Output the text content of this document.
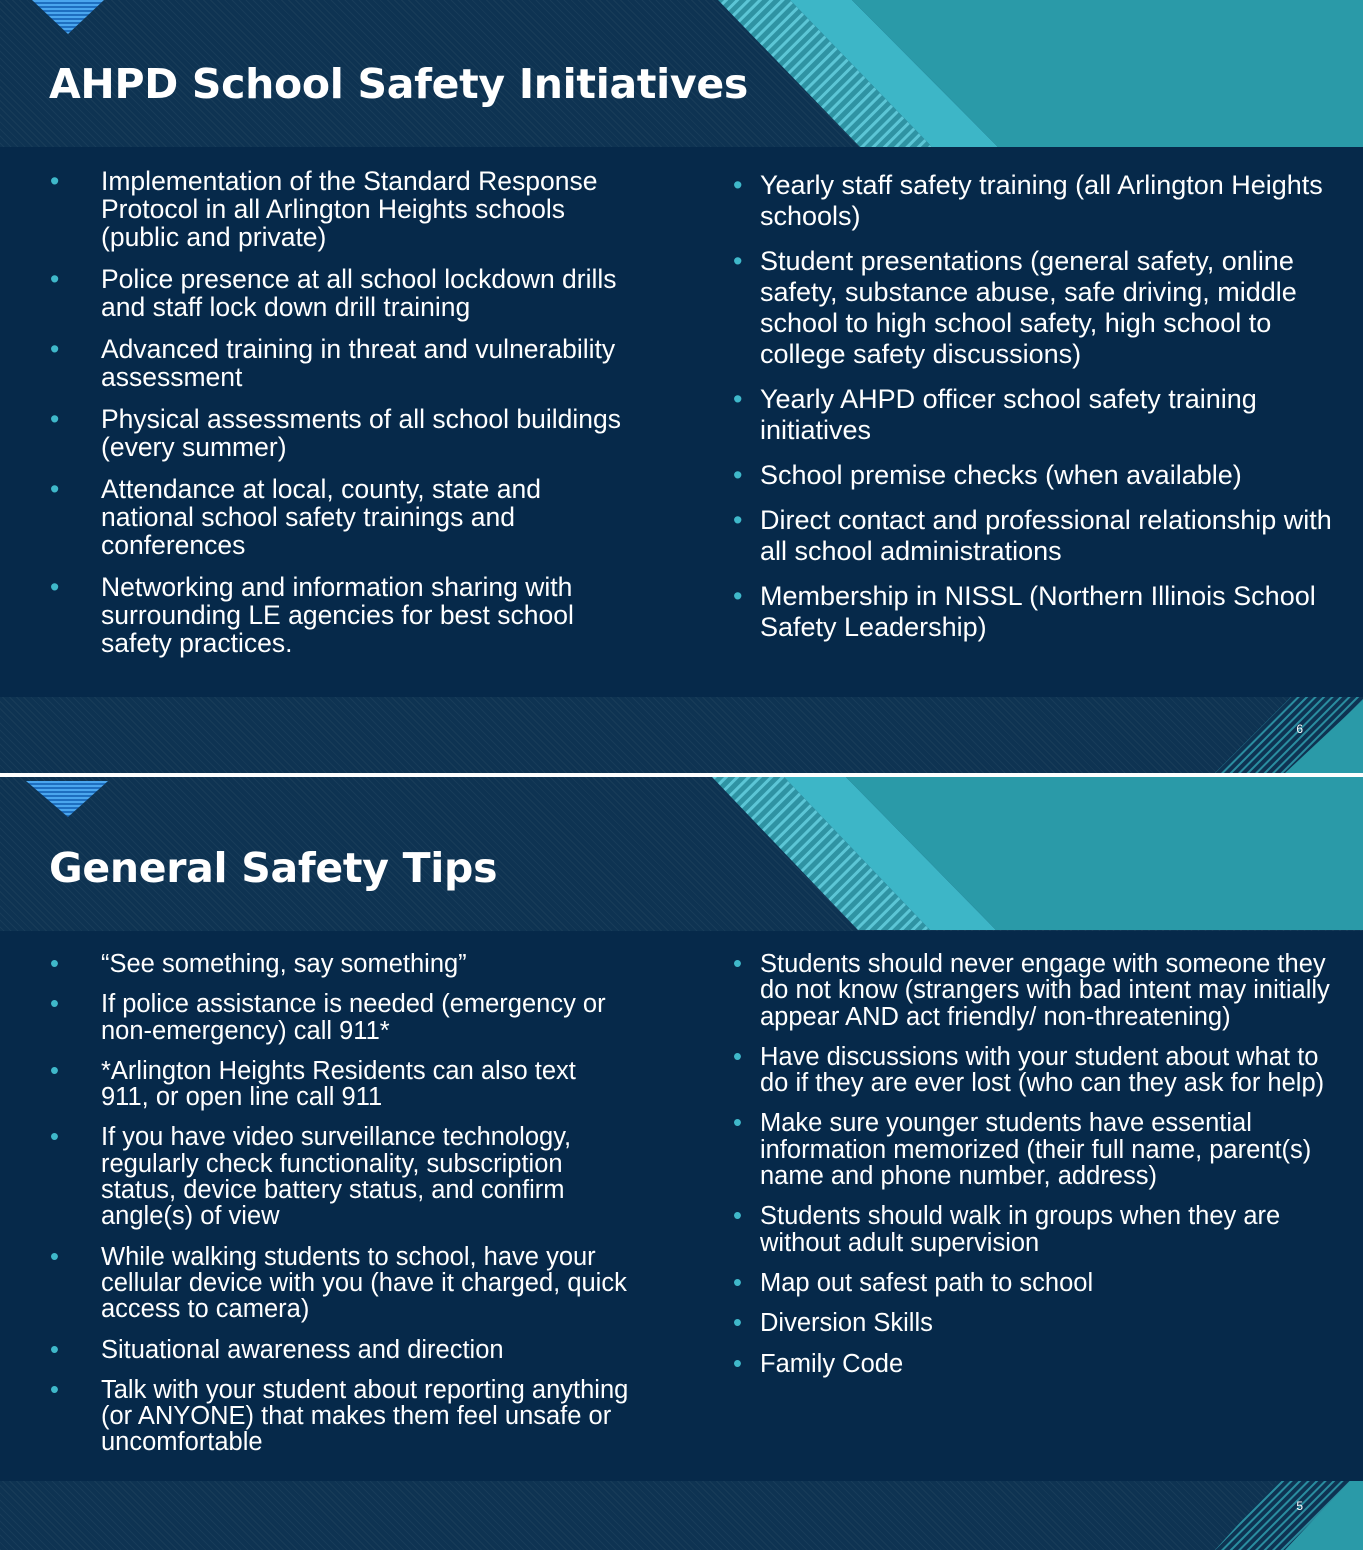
AHPD School Safety Initiatives
• Implementation of the Standard Response Protocol in all Arlington Heights schools (public and private)
• Police presence at all school lockdown drills and staff lock down drill training
• Advanced training in threat and vulnerability assessment
• Physical assessments of all school buildings (every summer)
• Attendance at local, county, state and national school safety trainings and conferences
• Networking and information sharing with surrounding LE agencies for best school safety practices.
• Yearly staff safety training (all Arlington Heights schools)
• Student presentations (general safety, online safety, substance abuse, safe driving, middle school to high school safety, high school to college safety discussions)
• Yearly AHPD officer school safety training initiatives
• School premise checks (when available)
• Direct contact and professional relationship with all school administrations
• Membership in NISSL (Northern Illinois School Safety Leadership)
6
General Safety Tips
• “See something, say something”
• If police assistance is needed (emergency or non-emergency) call 911*
• *Arlington Heights Residents can also text 911, or open line call 911
• If you have video surveillance technology, regularly check functionality, subscription status, device battery status, and confirm angle(s) of view
• While walking students to school, have your cellular device with you (have it charged, quick access to camera)
• Situational awareness and direction
• Talk with your student about reporting anything (or ANYONE) that makes them feel unsafe or uncomfortable
• Students should never engage with someone they do not know (strangers with bad intent may initially appear AND act friendly/ non-threatening)
• Have discussions with your student about what to do if they are ever lost (who can they ask for help)
• Make sure younger students have essential information memorized (their full name, parent(s) name and phone number, address)
• Students should walk in groups when they are without adult supervision
• Map out safest path to school
• Diversion Skills
• Family Code
5
